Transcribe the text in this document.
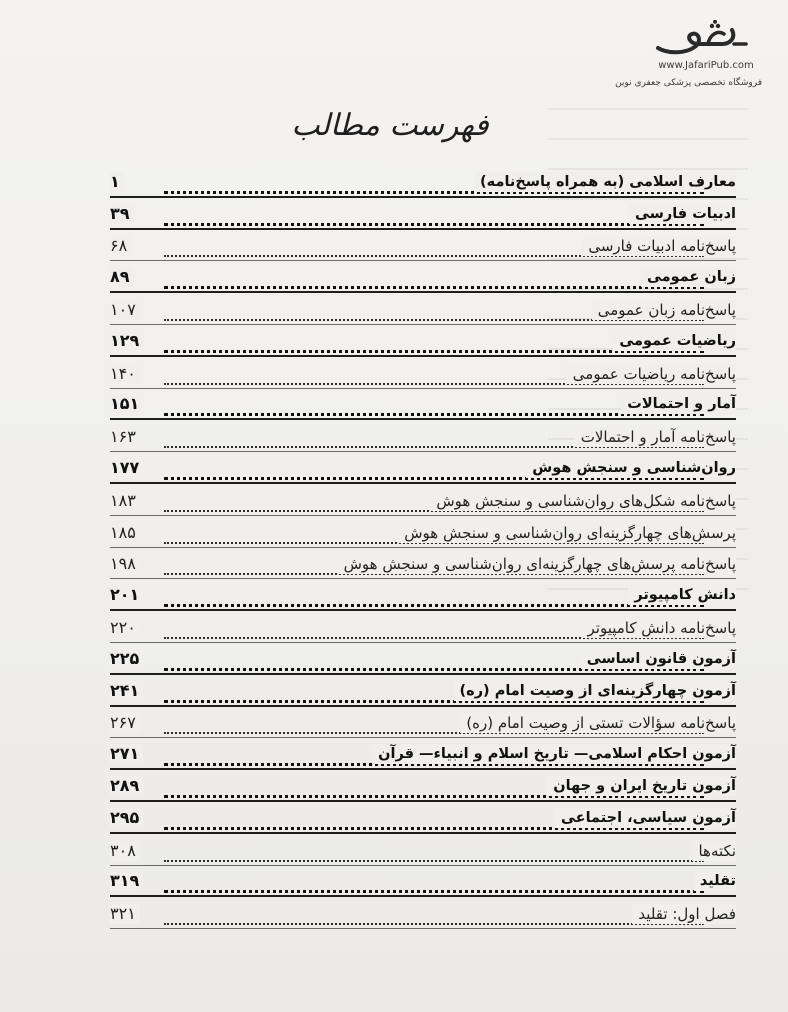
www.JafariPub.com
فروشگاه تخصصی پزشکی جعفری نوین
فهرست مطالب
معارف اسلامی (به همراه پاسخ‌نامه)
۱
ادبیات فارسی
۳۹
پاسخ‌نامه ادبیات فارسی
۶۸
زبان عمومی
۸۹
پاسخ‌نامه زبان عمومی
۱۰۷
ریاضیات عمومی
۱۲۹
پاسخ‌نامه ریاضیات عمومی
۱۴۰
آمار و احتمالات
۱۵۱
پاسخ‌نامه آمار و احتمالات
۱۶۳
روان‌شناسی و سنجش هوش
۱۷۷
پاسخ‌نامه شکل‌های روان‌شناسی و سنجش هوش
۱۸۳
پرسش‌های چهارگزینه‌ای روان‌شناسی و سنجش هوش
۱۸۵
پاسخ‌نامه پرسش‌های چهارگزینه‌ای روان‌شناسی و سنجش هوش
۱۹۸
دانش کامپیوتر
۲۰۱
پاسخ‌نامه دانش کامپیوتر
۲۲۰
آزمون قانون اساسی
۲۲۵
آزمون چهارگزینه‌ای از وصیت امام (ره)
۲۴۱
پاسخ‌نامه سؤالات تستی از وصیت امام (ره)
۲۶۷
آزمون احکام اسلامی— تاریخ اسلام و انبیاء— قرآن
۲۷۱
آزمون تاریخ ایران و جهان
۲۸۹
آزمون سیاسی، اجتماعی
۲۹۵
نکته‌ها
۳۰۸
تقلید
۳۱۹
فصل اول: تقلید
۳۲۱
